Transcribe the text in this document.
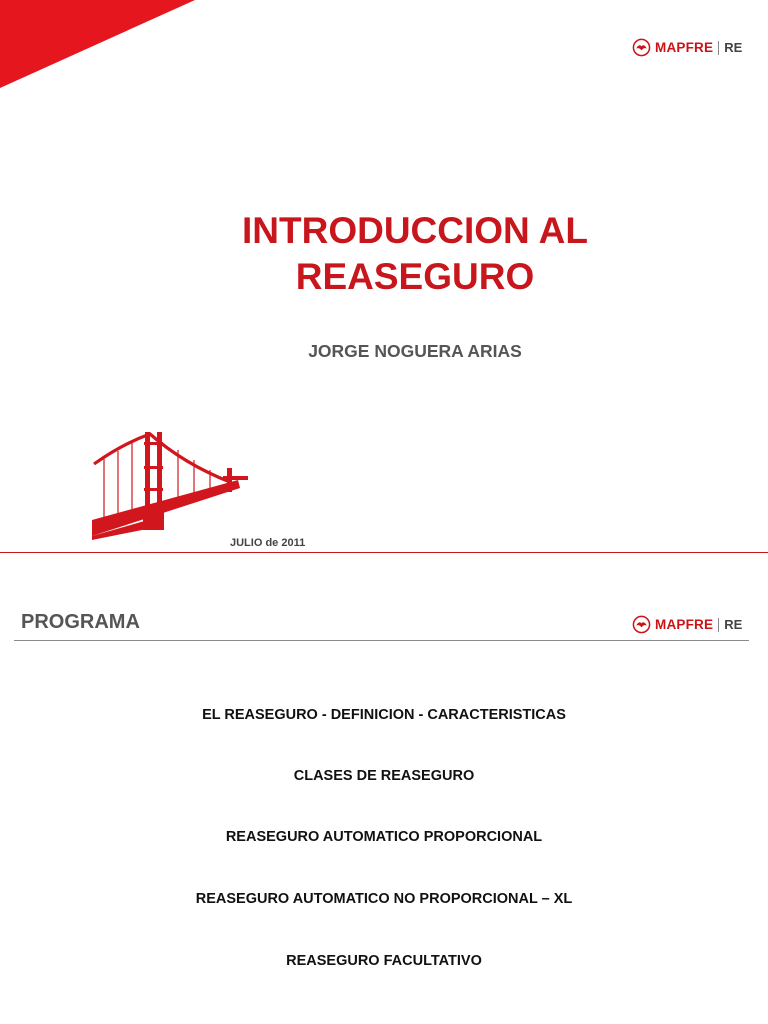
MAPFRE RE
INTRODUCCION AL
REASEGURO

JORGE NOGUERA ARIAS

JULIO de 2011
PROGRAMA	MAPFRE RE
EL REASEGURO - DEFINICION - CARACTERISTICAS
CLASES DE REASEGURO
REASEGURO AUTOMATICO PROPORCIONAL
REASEGURO AUTOMATICO NO PROPORCIONAL – XL
REASEGURO FACULTATIVO
